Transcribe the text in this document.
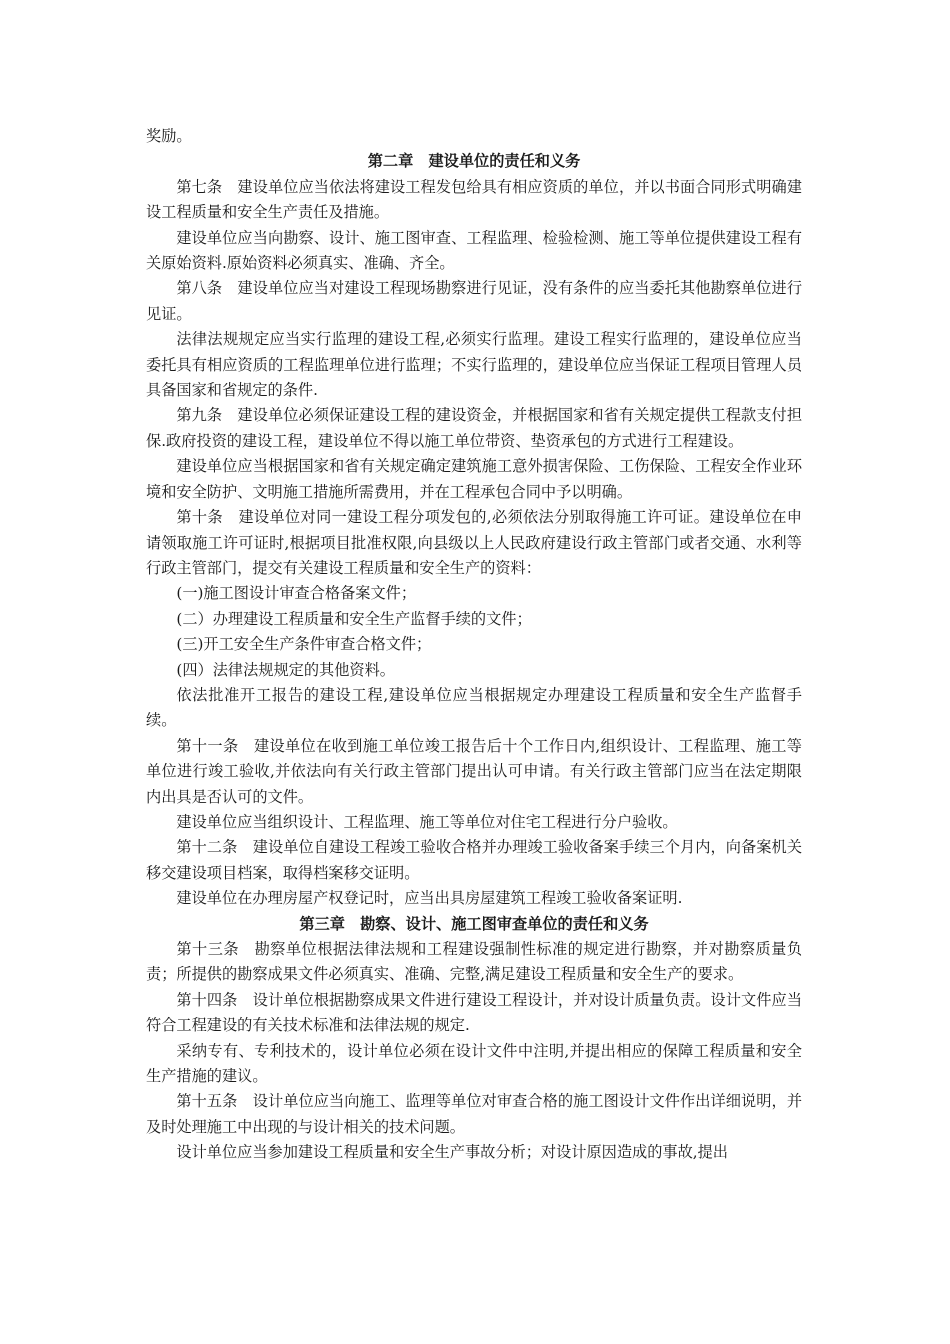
奖励。

第二章　建设单位的责任和义务

第七条　建设单位应当依法将建设工程发包给具有相应资质的单位，并以书面合同形式明确建设工程质量和安全生产责任及措施。

建设单位应当向勘察、设计、施工图审查、工程监理、检验检测、施工等单位提供建设工程有关原始资料.原始资料必须真实、准确、齐全。

第八条　建设单位应当对建设工程现场勘察进行见证，没有条件的应当委托其他勘察单位进行见证。

法律法规规定应当实行监理的建设工程,必须实行监理。建设工程实行监理的，建设单位应当委托具有相应资质的工程监理单位进行监理；不实行监理的，建设单位应当保证工程项目管理人员具备国家和省规定的条件.

第九条　建设单位必须保证建设工程的建设资金，并根据国家和省有关规定提供工程款支付担保.政府投资的建设工程，建设单位不得以施工单位带资、垫资承包的方式进行工程建设。

建设单位应当根据国家和省有关规定确定建筑施工意外损害保险、工伤保险、工程安全作业环境和安全防护、文明施工措施所需费用，并在工程承包合同中予以明确。

第十条　建设单位对同一建设工程分项发包的,必须依法分别取得施工许可证。建设单位在申请领取施工许可证时,根据项目批准权限,向县级以上人民政府建设行政主管部门或者交通、水利等行政主管部门，提交有关建设工程质量和安全生产的资料：

(一)施工图设计审查合格备案文件；

(二）办理建设工程质量和安全生产监督手续的文件；

(三)开工安全生产条件审查合格文件；

(四）法律法规规定的其他资料。

依法批准开工报告的建设工程,建设单位应当根据规定办理建设工程质量和安全生产监督手续。

第十一条　建设单位在收到施工单位竣工报告后十个工作日内,组织设计、工程监理、施工等单位进行竣工验收,并依法向有关行政主管部门提出认可申请。有关行政主管部门应当在法定期限内出具是否认可的文件。

建设单位应当组织设计、工程监理、施工等单位对住宅工程进行分户验收。

第十二条　建设单位自建设工程竣工验收合格并办理竣工验收备案手续三个月内，向备案机关移交建设项目档案，取得档案移交证明。

建设单位在办理房屋产权登记时，应当出具房屋建筑工程竣工验收备案证明.

第三章　勘察、设计、施工图审查单位的责任和义务

第十三条　勘察单位根据法律法规和工程建设强制性标准的规定进行勘察，并对勘察质量负责；所提供的勘察成果文件必须真实、准确、完整,满足建设工程质量和安全生产的要求。

第十四条　设计单位根据勘察成果文件进行建设工程设计，并对设计质量负责。设计文件应当符合工程建设的有关技术标准和法律法规的规定.

采纳专有、专利技术的，设计单位必须在设计文件中注明,并提出相应的保障工程质量和安全生产措施的建议。

第十五条　设计单位应当向施工、监理等单位对审查合格的施工图设计文件作出详细说明，并及时处理施工中出现的与设计相关的技术问题。

设计单位应当参加建设工程质量和安全生产事故分析；对设计原因造成的事故,提出
